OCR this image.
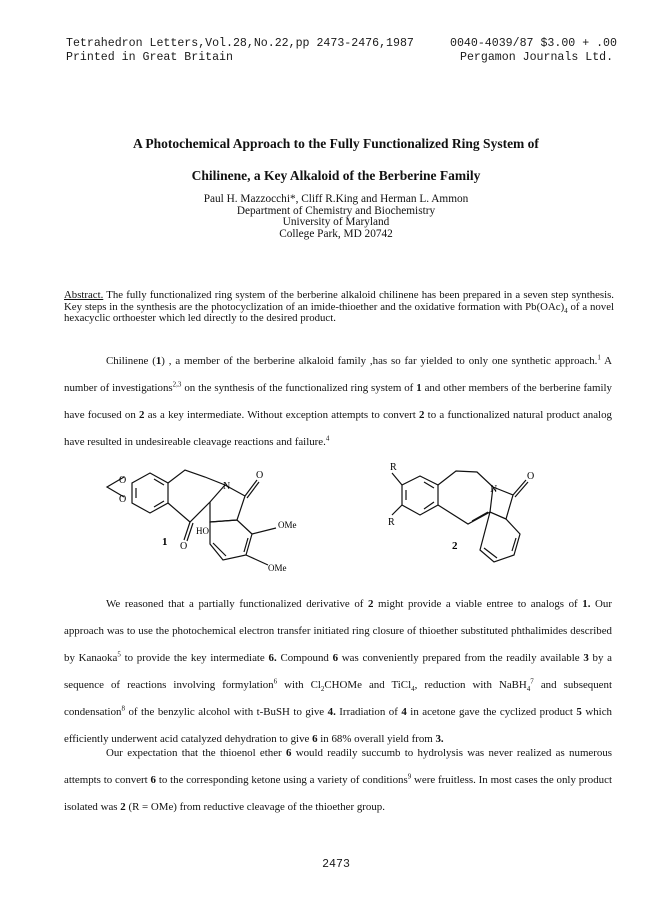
Tetrahedron Letters,Vol.28,No.22,pp 2473-2476,1987
Printed in Great Britain
0040-4039/87 $3.00 + .00
Pergamon Journals Ltd.
A Photochemical Approach to the Fully Functionalized Ring System of
Chilinene, a Key Alkaloid of the Berberine Family
Paul H. Mazzocchi*, Cliff R.King and Herman L. Ammon
Department of Chemistry and Biochemistry
University of Maryland
College Park, MD 20742
Abstract. The fully functionalized ring system of the berberine alkaloid chilinene has been prepared in a seven step synthesis. Key steps in the synthesis are the photocyclization of an imide-thioether and the oxidative formation with $Pb(OAc)_4$ of a novel hexacyclic orthoester which led directly to the desired product.
Chilinene (1) , a member of the berberine alkaloid family ,has so far yielded to only one synthetic approach.$^1$ A number of investigations$^{2,3}$ on the synthesis of the functionalized ring system of 1 and other members of the berberine family have focused on 2 as a key intermediate. Without exception attempts to convert 2 to a functionalized natural product analog have resulted in undesireable cleavage reactions and failure.$^4$
O
O
N
O
O
HO
OMe
OMe
1
R
R
N
O
2
We reasoned that a partially functionalized derivative of 2 might provide a viable entree to analogs of 1. Our approach was to use the photochemical electron transfer initiated ring closure of thioether substituted phthalimides described by Kanaoka$^5$ to provide the key intermediate 6. Compound 6 was conveniently prepared from the readily available 3 by a sequence of reactions involving formylation$^6$ with $Cl_2CHOMe$ and TiCl$_4$, reduction with NaBH$_4^7$ and subsequent condensation$^8$ of the benzylic alcohol with t-BuSH to give 4. Irradiation of 4 in acetone gave the cyclized product 5 which efficiently underwent acid catalyzed dehydration to give 6 in 68% overall yield from 3.
Our expectation that the thioenol ether 6 would readily succumb to hydrolysis was never realized as numerous attempts to convert 6 to the corresponding ketone using a variety of conditions$^9$ were fruitless. In most cases the only product isolated was 2 (R = OMe) from reductive cleavage of the thioether group.
2473
